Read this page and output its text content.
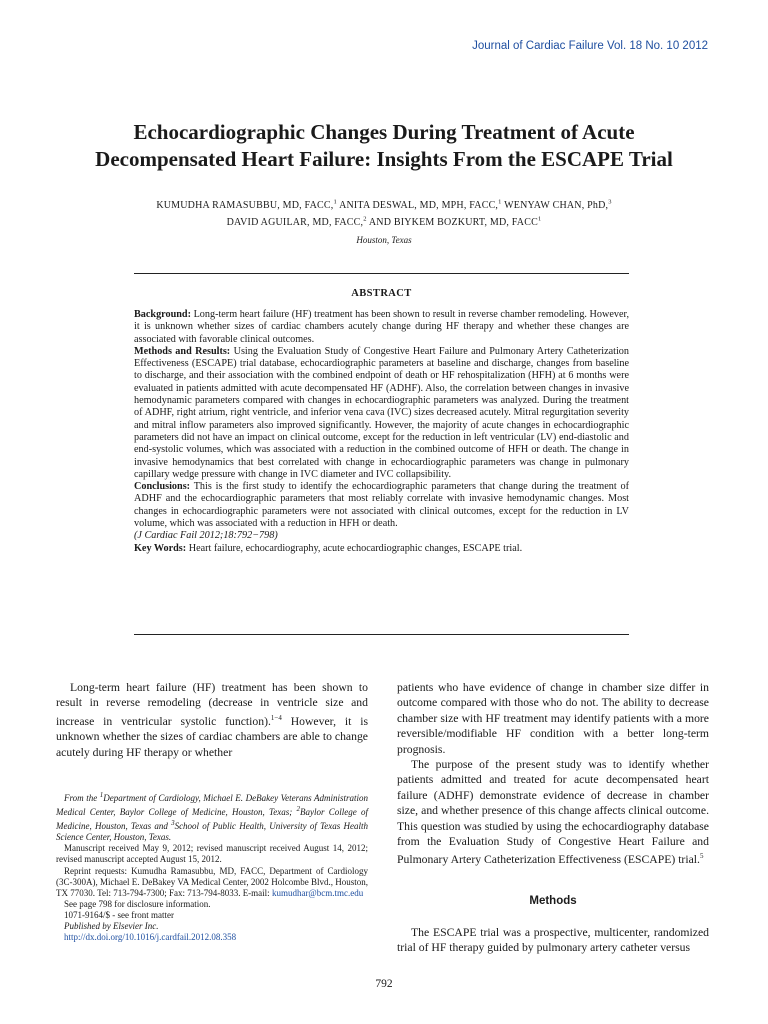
Journal of Cardiac Failure Vol. 18 No. 10 2012
Echocardiographic Changes During Treatment of Acute
Decompensated Heart Failure: Insights From the ESCAPE Trial
KUMUDHA RAMASUBBU, MD, FACC,$^1$ ANITA DESWAL, MD, MPH, FACC,$^1$ WENYAW CHAN, PhD,$^3$
DAVID AGUILAR, MD, FACC,$^2$ AND BIYKEM BOZKURT, MD, FACC$^1$
Houston, Texas
ABSTRACT

Background: Long-term heart failure (HF) treatment has been shown to result in reverse chamber remodeling. However, it is unknown whether sizes of cardiac chambers acutely change during HF therapy and whether these changes are associated with favorable clinical outcomes.

Methods and Results: Using the Evaluation Study of Congestive Heart Failure and Pulmonary Artery Catheterization Effectiveness (ESCAPE) trial database, echocardiographic parameters at baseline and discharge, changes from baseline to discharge, and their association with the combined endpoint of death or HF rehospitalization (HFH) at 6 months were evaluated in patients admitted with acute decompensated HF (ADHF). Also, the correlation between changes in invasive hemodynamic parameters compared with changes in echocardiographic parameters was analyzed. During the treatment of ADHF, right atrium, right ventricle, and inferior vena cava (IVC) sizes decreased acutely. Mitral regurgitation severity and mitral inflow parameters also improved significantly. However, the majority of acute changes in echocardiographic parameters did not have an impact on clinical outcome, except for the reduction in left ventricular (LV) end-diastolic and end-systolic volumes, which was associated with a reduction in the combined outcome of HFH or death. The change in invasive hemodynamics that best correlated with change in echocardiographic parameters was change in pulmonary capillary wedge pressure with change in IVC diameter and IVC collapsibility.

Conclusions: This is the first study to identify the echocardiographic parameters that change during the treatment of ADHF and the echocardiographic parameters that most reliably correlate with invasive hemodynamic changes. Most changes in echocardiographic parameters were not associated with clinical outcomes, except for the reduction in LV volume, which was associated with a reduction in HFH or death.

(J Cardiac Fail 2012;18:792−798)

Key Words: Heart failure, echocardiography, acute echocardiographic changes, ESCAPE trial.

Long-term heart failure (HF) treatment has been shown to result in reverse remodeling (decrease in ventricle size and increase in ventricular systolic function).$^{1-4}$ However, it is unknown whether the sizes of cardiac chambers are able to change acutely during HF therapy or whether

From the $^1$Department of Cardiology, Michael E. DeBakey Veterans Administration Medical Center, Baylor College of Medicine, Houston, Texas; $^2$Baylor College of Medicine, Houston, Texas and $^3$School of Public Health, University of Texas Health Science Center, Houston, Texas.

Manuscript received May 9, 2012; revised manuscript received August 14, 2012; revised manuscript accepted August 15, 2012.

Reprint requests: Kumudha Ramasubbu, MD, FACC, Department of Cardiology (3C-300A), Michael E. DeBakey VA Medical Center, 2002 Holcombe Blvd., Houston, TX 77030. Tel: 713-794-7300; Fax: 713-794-8033. E-mail: kumudhar@bcm.tmc.edu

See page 798 for disclosure information.

1071-9164/$ - see front matter

Published by Elsevier Inc.

http://dx.doi.org/10.1016/j.cardfail.2012.08.358

patients who have evidence of change in chamber size differ in outcome compared with those who do not. The ability to decrease chamber size with HF treatment may identify patients with a more reversible/modifiable HF condition with a better long-term prognosis.

The purpose of the present study was to identify whether patients admitted and treated for acute decompensated heart failure (ADHF) demonstrate evidence of decrease in chamber size, and whether presence of this change affects clinical outcome. This question was studied by using the echocardiography database from the Evaluation Study of Congestive Heart Failure and Pulmonary Artery Catheterization Effectiveness (ESCAPE) trial.$^5$

Methods

The ESCAPE trial was a prospective, multicenter, randomized trial of HF therapy guided by pulmonary artery catheter versus

792
